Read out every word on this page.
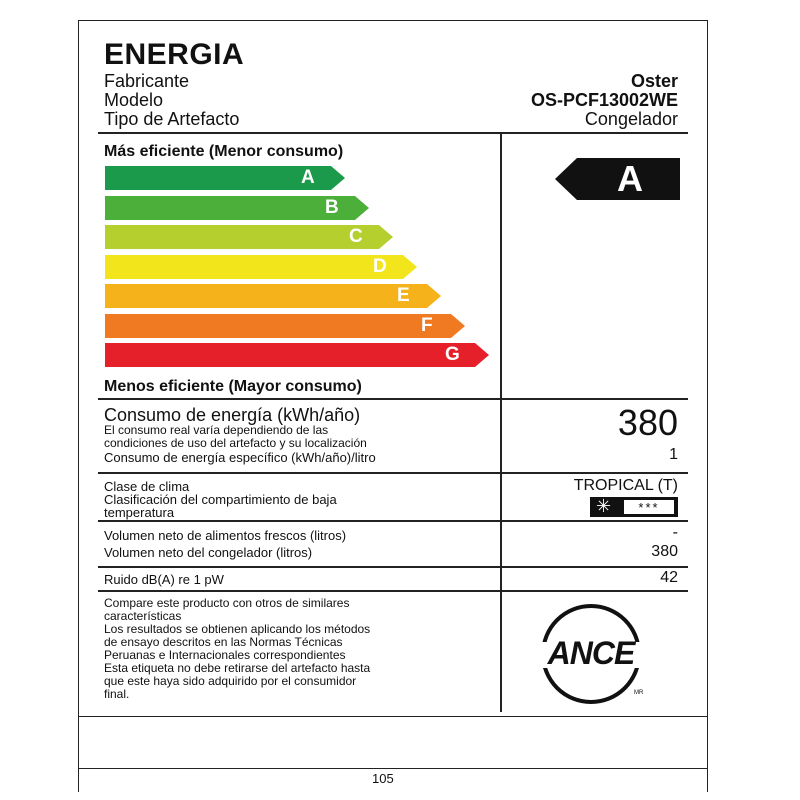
ENERGIA
Fabricante	Oster
Modelo	OS-PCF13002WE
Tipo de Artefacto	Congelador
Más eficiente (Menor consumo)
A
B
C
D
E
F
G
Menos eficiente (Mayor consumo)
A
Consumo de energía (kWh/año)
El consumo real varía dependiendo de las
condiciones de uso del artefacto y su localización	380
Consumo de energía específico (kWh/año)/litro	1
Clase de clima	TROPICAL (T)
Clasificación del compartimiento de baja
temperatura	✳	***
Volumen neto de alimentos frescos (litros)	-
Volumen neto del congelador (litros)	380
Ruido dB(A) re 1 pW	42
Compare este producto con otros de similares
características
Los resultados se obtienen aplicando los métodos
de ensayo descritos en las Normas Técnicas
Peruanas e Internacionales correspondientes
Esta etiqueta no debe retirarse del artefacto hasta
que este haya sido adquirido por el consumidor
final.
ANCE
MR
105
